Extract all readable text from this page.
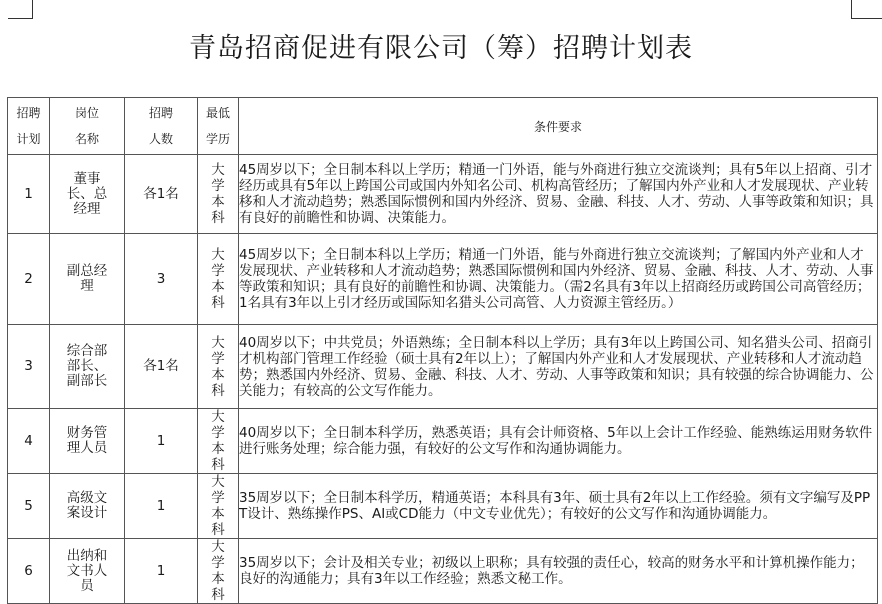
青岛招商促进有限公司（筹）招聘计划表
招聘计划	岗位名称	招聘人数	最低学历	条件要求
1	董事长、总经理	各1名	大学本科	45周岁以下；全日制本科以上学历；精通一门外语，能与外商进行独立交流谈判；具有5年以上招商、引才经历或具有5年以上跨国公司或国内外知名公司、机构高管经历；了解国内外产业和人才发展现状、产业转移和人才流动趋势；熟悉国际惯例和国内外经济、贸易、金融、科技、人才、劳动、人事等政策和知识；具有良好的前瞻性和协调、决策能力。
2	副总经理	3	大学本科	45周岁以下；全日制本科以上学历；精通一门外语，能与外商进行独立交流谈判；了解国内外产业和人才发展现状、产业转移和人才流动趋势；熟悉国际惯例和国内外经济、贸易、金融、科技、人才、劳动、人事等政策和知识；具有良好的前瞻性和协调、决策能力。（需2名具有3年以上招商经历或跨国公司高管经历；1名具有3年以上引才经历或国际知名猎头公司高管、人力资源主管经历。）
3	综合部部长、副部长	各1名	大学本科	40周岁以下；中共党员；外语熟练；全日制本科以上学历；具有3年以上跨国公司、知名猎头公司、招商引才机构部门管理工作经验（硕士具有2年以上）；了解国内外产业和人才发展现状、产业转移和人才流动趋势；熟悉国内外经济、贸易、金融、科技、人才、劳动、人事等政策和知识；具有较强的综合协调能力、公关能力；有较高的公文写作能力。
4	财务管理人员	1	大学本科	40周岁以下；全日制本科学历，熟悉英语；具有会计师资格、5年以上会计工作经验、能熟练运用财务软件进行账务处理；综合能力强，有较好的公文写作和沟通协调能力。
5	高级文案设计	1	大学本科	35周岁以下；全日制本科学历，精通英语；本科具有3年、硕士具有2年以上工作经验。须有文字编写及PPT设计、熟练操作PS、AI或CD能力（中文专业优先）；有较好的公文写作和沟通协调能力。
6	出纳和文书人员	1	大学本科	35周岁以下；会计及相关专业；初级以上职称；具有较强的责任心，较高的财务水平和计算机操作能力；良好的沟通能力；具有3年以工作经验；熟悉文秘工作。
